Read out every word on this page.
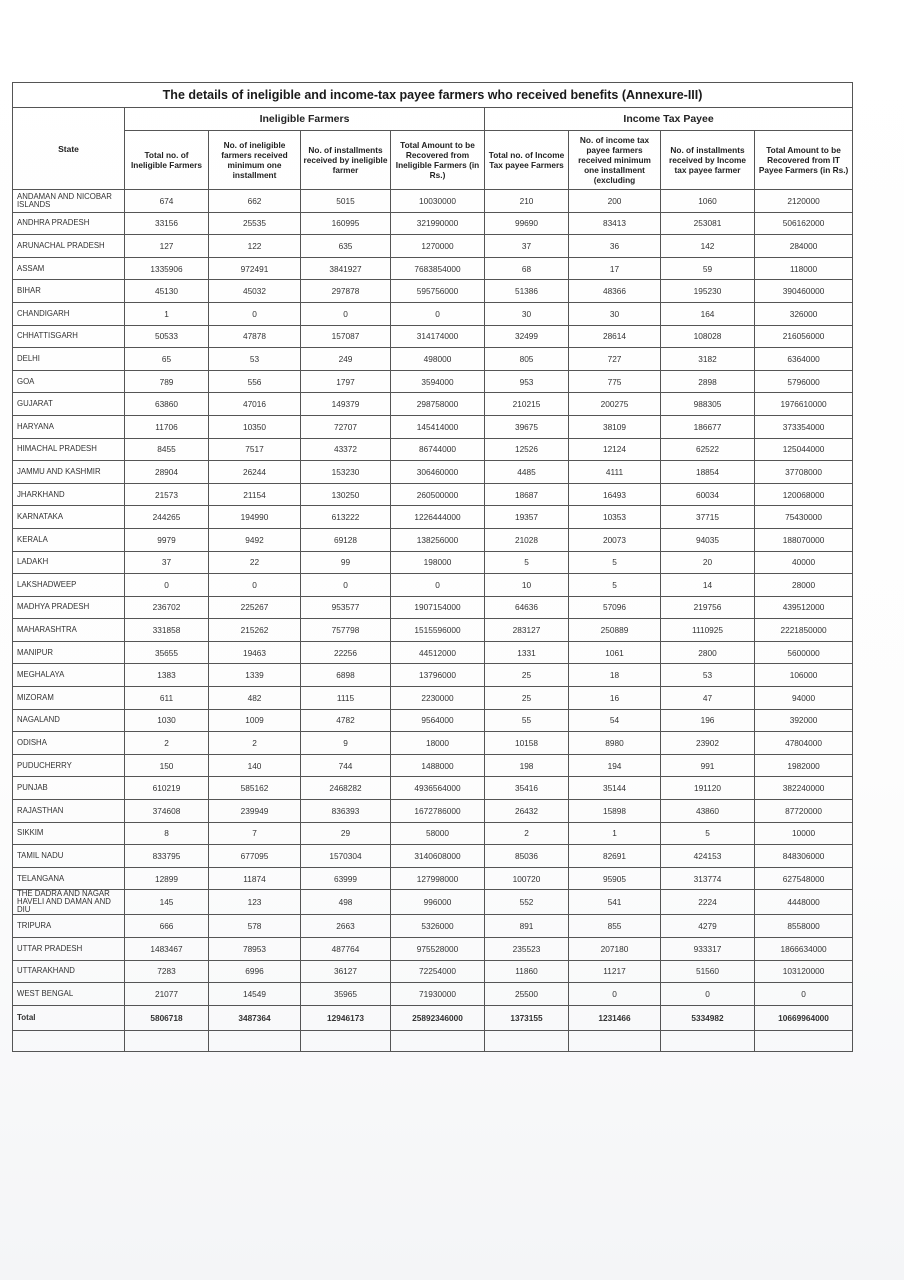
The details of ineligible and income-tax payee farmers who received benefits (Annexure-III)								
State	Ineligible Farmers				Income Tax Payee			
	Total no. of Ineligible Farmers	No. of ineligible farmers received minimum one installment	No. of installments received by ineligible farmer	Total Amount to be Recovered from Ineligible Farmers (in Rs.)	Total no. of Income Tax payee Farmers	No. of income tax payee farmers received minimum one installment (excluding	No. of installments received by Income tax payee farmer	Total Amount to be Recovered from IT Payee Farmers (in Rs.)
ANDAMAN AND NICOBAR ISLANDS	674	662	5015	10030000	210	200	1060	2120000
ANDHRA PRADESH	33156	25535	160995	321990000	99690	83413	253081	506162000
ARUNACHAL PRADESH	127	122	635	1270000	37	36	142	284000
ASSAM	1335906	972491	3841927	7683854000	68	17	59	118000
BIHAR	45130	45032	297878	595756000	51386	48366	195230	390460000
CHANDIGARH	1	0	0	0	30	30	164	326000
CHHATTISGARH	50533	47878	157087	314174000	32499	28614	108028	216056000
DELHI	65	53	249	498000	805	727	3182	6364000
GOA	789	556	1797	3594000	953	775	2898	5796000
GUJARAT	63860	47016	149379	298758000	210215	200275	988305	1976610000
HARYANA	11706	10350	72707	145414000	39675	38109	186677	373354000
HIMACHAL PRADESH	8455	7517	43372	86744000	12526	12124	62522	125044000
JAMMU AND KASHMIR	28904	26244	153230	306460000	4485	4111	18854	37708000
JHARKHAND	21573	21154	130250	260500000	18687	16493	60034	120068000
KARNATAKA	244265	194990	613222	1226444000	19357	10353	37715	75430000
KERALA	9979	9492	69128	138256000	21028	20073	94035	188070000
LADAKH	37	22	99	198000	5	5	20	40000
LAKSHADWEEP	0	0	0	0	10	5	14	28000
MADHYA PRADESH	236702	225267	953577	1907154000	64636	57096	219756	439512000
MAHARASHTRA	331858	215262	757798	1515596000	283127	250889	1110925	2221850000
MANIPUR	35655	19463	22256	44512000	1331	1061	2800	5600000
MEGHALAYA	1383	1339	6898	13796000	25	18	53	106000
MIZORAM	611	482	1115	2230000	25	16	47	94000
NAGALAND	1030	1009	4782	9564000	55	54	196	392000
ODISHA	2	2	9	18000	10158	8980	23902	47804000
PUDUCHERRY	150	140	744	1488000	198	194	991	1982000
PUNJAB	610219	585162	2468282	4936564000	35416	35144	191120	382240000
RAJASTHAN	374608	239949	836393	1672786000	26432	15898	43860	87720000
SIKKIM	8	7	29	58000	2	1	5	10000
TAMIL NADU	833795	677095	1570304	3140608000	85036	82691	424153	848306000
TELANGANA	12899	11874	63999	127998000	100720	95905	313774	627548000
THE DADRA AND NAGAR HAVELI AND DAMAN AND DIU	145	123	498	996000	552	541	2224	4448000
TRIPURA	666	578	2663	5326000	891	855	4279	8558000
UTTAR PRADESH	1483467	78953	487764	975528000	235523	207180	933317	1866634000
UTTARAKHAND	7283	6996	36127	72254000	11860	11217	51560	103120000
WEST BENGAL	21077	14549	35965	71930000	25500	0	0	0
Total	5806718	3487364	12946173	25892346000	1373155	1231466	5334982	10669964000
